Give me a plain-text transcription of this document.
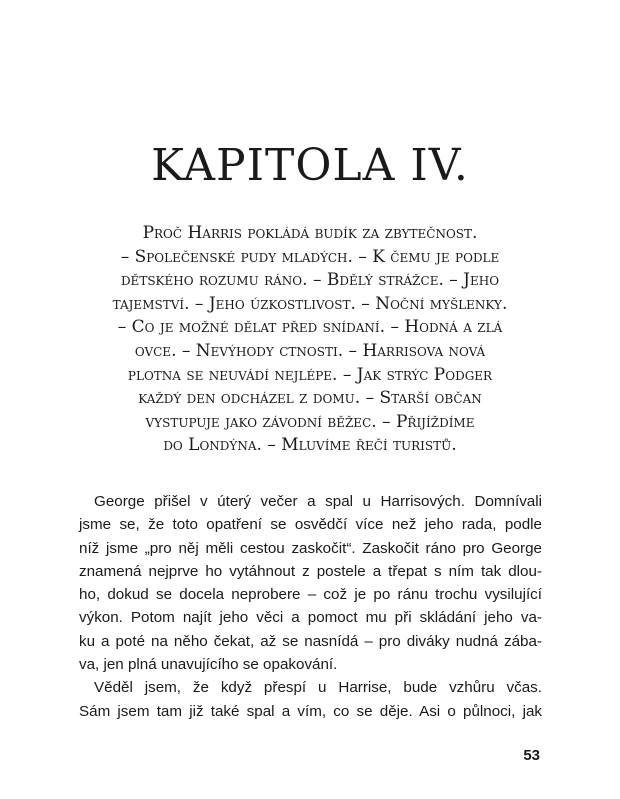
KAPITOLA IV.
Proč Harris pokládá budík za zbytečnost.
– Společenské pudy mladých. – K čemu je podle
dětského rozumu ráno. – Bdělý strážce. – Jeho
tajemství. – Jeho úzkostlivost. – Noční myšlenky.
– Co je možné dělat před snídaní. – Hodná a zlá
ovce. – Nevýhody ctnosti. – Harrisova nová
plotna se neuvádí nejlépe. – Jak strýc Podger
každý den odcházel z domu. – Starší občan
vystupuje jako závodní běžec. – Přijíždíme
do Londýna. – Mluvíme řečí turistů.

George přišel v úterý večer a spal u Harrisových. Domnívali
jsme se, že toto opatření se osvědčí více než jeho rada, podle
níž jsme „pro něj měli cestou zaskočit“. Zaskočit ráno pro George
znamená nejprve ho vytáhnout z postele a třepat s ním tak dlou-
ho, dokud se docela neprobere – což je po ránu trochu vysilující
výkon. Potom najít jeho věci a pomoct mu při skládání jeho va-
ku a poté na něho čekat, až se nasnídá – pro diváky nudná zába-
va, jen plná unavujícího se opakování.

Věděl jsem, že když přespí u Harrise, bude vzhůru včas.
Sám jsem tam již také spal a vím, co se děje. Asi o půlnoci, jak

53
